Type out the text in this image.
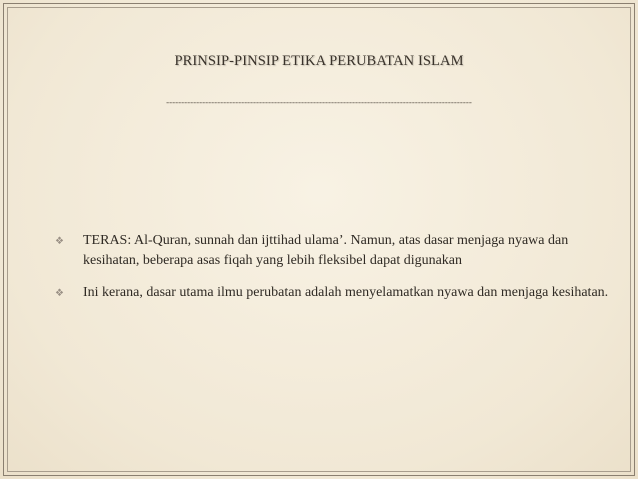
PRINSIP-PINSIP ETIKA PERUBATAN ISLAM
------------------------------------------------------------------------------------------------------
❖ TERAS: Al-Quran, sunnah dan ijttihad ulama’. Namun, atas dasar menjaga nyawa dan kesihatan, beberapa asas fiqah yang lebih fleksibel dapat digunakan
❖ Ini kerana, dasar utama ilmu perubatan adalah menyelamatkan nyawa dan menjaga kesihatan.
